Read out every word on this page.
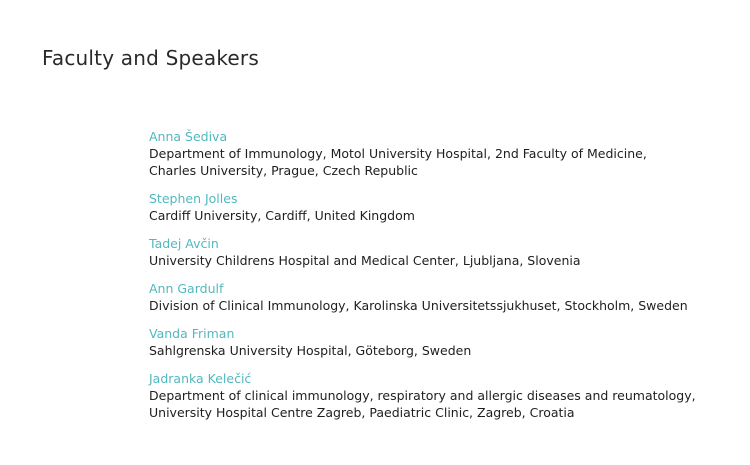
Faculty and Speakers
Anna Šediva
Department of Immunology, Motol University Hospital, 2nd Faculty of Medicine,
Charles University, Prague, Czech Republic
Stephen Jolles
Cardiff University, Cardiff, United Kingdom
Tadej Avčin
University Childrens Hospital and Medical Center, Ljubljana, Slovenia
Ann Gardulf
Division of Clinical Immunology, Karolinska Universitetssjukhuset, Stockholm, Sweden
Vanda Friman
Sahlgrenska University Hospital, Göteborg, Sweden
Jadranka Kelečić
Department of clinical immunology, respiratory and allergic diseases and reumatology,
University Hospital Centre Zagreb, Paediatric Clinic, Zagreb, Croatia
